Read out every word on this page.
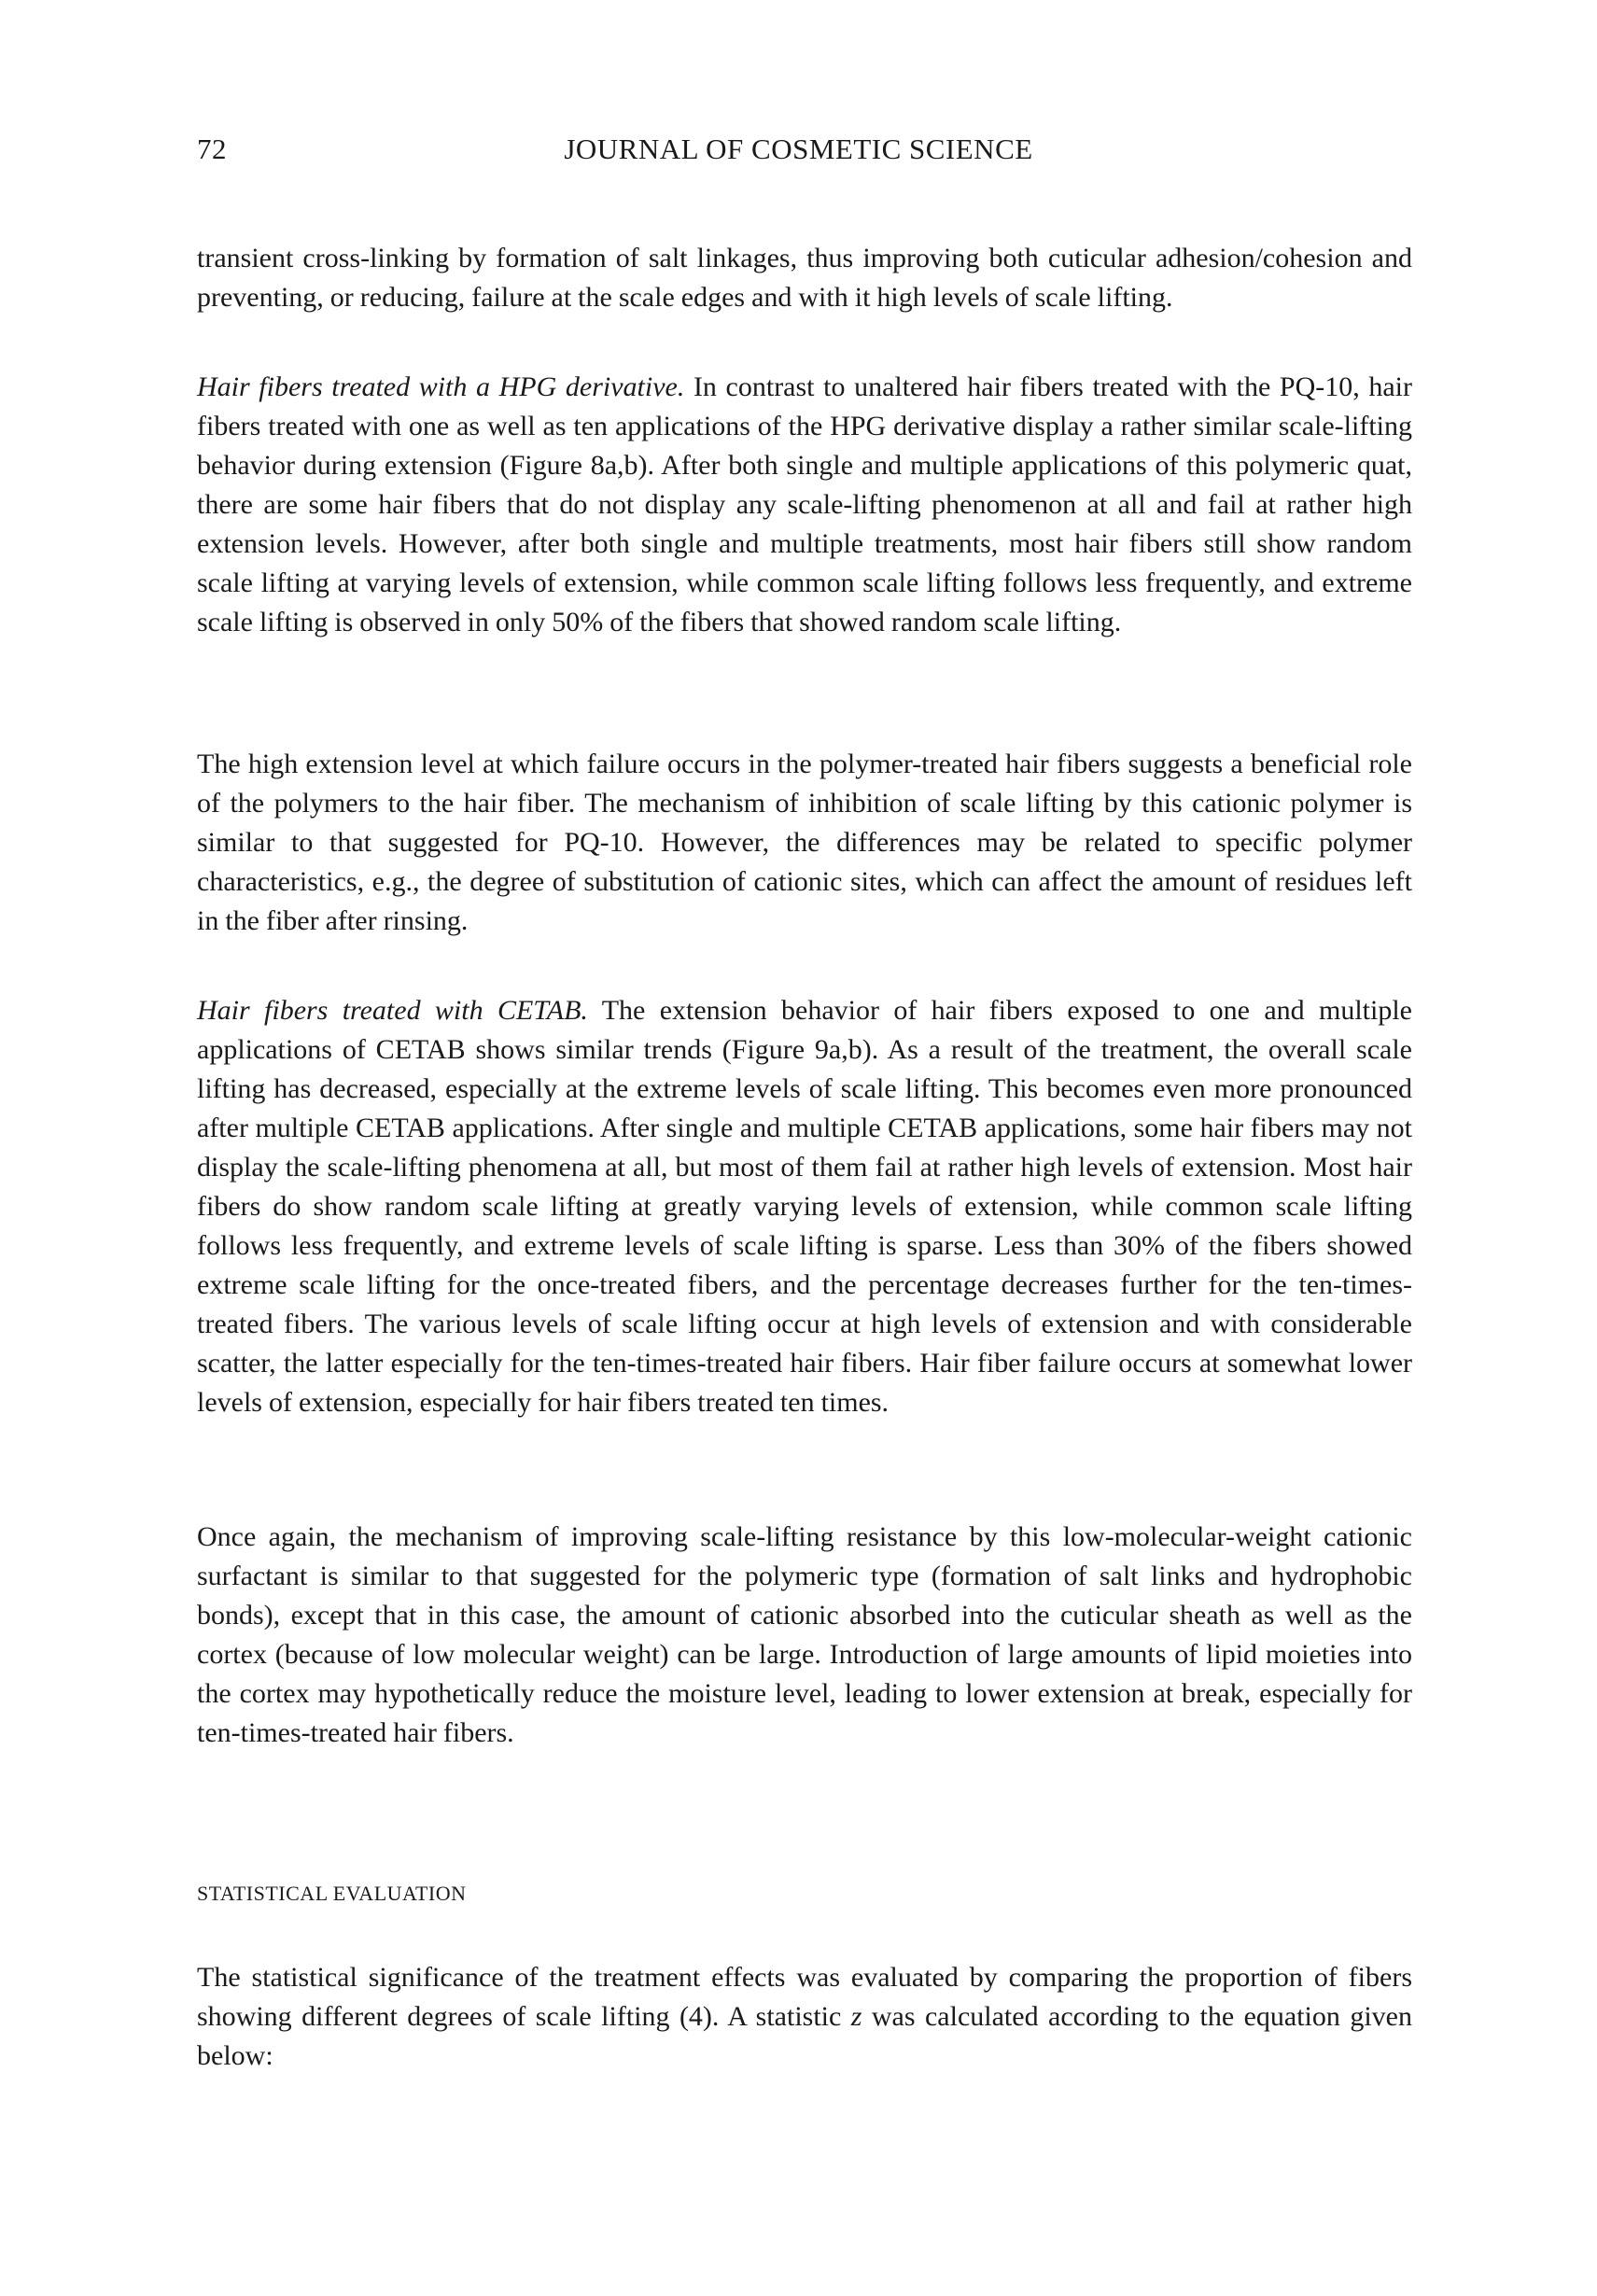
72	JOURNAL OF COSMETIC SCIENCE

transient cross-linking by formation of salt linkages, thus improving both cuticular adhesion/cohesion and preventing, or reducing, failure at the scale edges and with it high levels of scale lifting.

Hair fibers treated with a HPG derivative. In contrast to unaltered hair fibers treated with the PQ-10, hair fibers treated with one as well as ten applications of the HPG derivative display a rather similar scale-lifting behavior during extension (Figure 8a,b). After both single and multiple applications of this polymeric quat, there are some hair fibers that do not display any scale-lifting phenomenon at all and fail at rather high extension levels. However, after both single and multiple treatments, most hair fibers still show random scale lifting at varying levels of extension, while common scale lifting follows less frequently, and extreme scale lifting is observed in only 50% of the fibers that showed random scale lifting.

The high extension level at which failure occurs in the polymer-treated hair fibers suggests a beneficial role of the polymers to the hair fiber. The mechanism of inhibition of scale lifting by this cationic polymer is similar to that suggested for PQ-10. However, the differences may be related to specific polymer characteristics, e.g., the degree of substitution of cationic sites, which can affect the amount of residues left in the fiber after rinsing.

Hair fibers treated with CETAB. The extension behavior of hair fibers exposed to one and multiple applications of CETAB shows similar trends (Figure 9a,b). As a result of the treatment, the overall scale lifting has decreased, especially at the extreme levels of scale lifting. This becomes even more pronounced after multiple CETAB applications. After single and multiple CETAB applications, some hair fibers may not display the scale-lifting phenomena at all, but most of them fail at rather high levels of extension. Most hair fibers do show random scale lifting at greatly varying levels of extension, while common scale lifting follows less frequently, and extreme levels of scale lifting is sparse. Less than 30% of the fibers showed extreme scale lifting for the once-treated fibers, and the percentage decreases further for the ten-times-treated fibers. The various levels of scale lifting occur at high levels of extension and with considerable scatter, the latter especially for the ten-times-treated hair fibers. Hair fiber failure occurs at somewhat lower levels of extension, especially for hair fibers treated ten times.

Once again, the mechanism of improving scale-lifting resistance by this low-molecular-weight cationic surfactant is similar to that suggested for the polymeric type (formation of salt links and hydrophobic bonds), except that in this case, the amount of cationic absorbed into the cuticular sheath as well as the cortex (because of low molecular weight) can be large. Introduction of large amounts of lipid moieties into the cortex may hypothetically reduce the moisture level, leading to lower extension at break, especially for ten-times-treated hair fibers.

STATISTICAL EVALUATION

The statistical significance of the treatment effects was evaluated by comparing the proportion of fibers showing different degrees of scale lifting (4). A statistic z was calculated according to the equation given below:
